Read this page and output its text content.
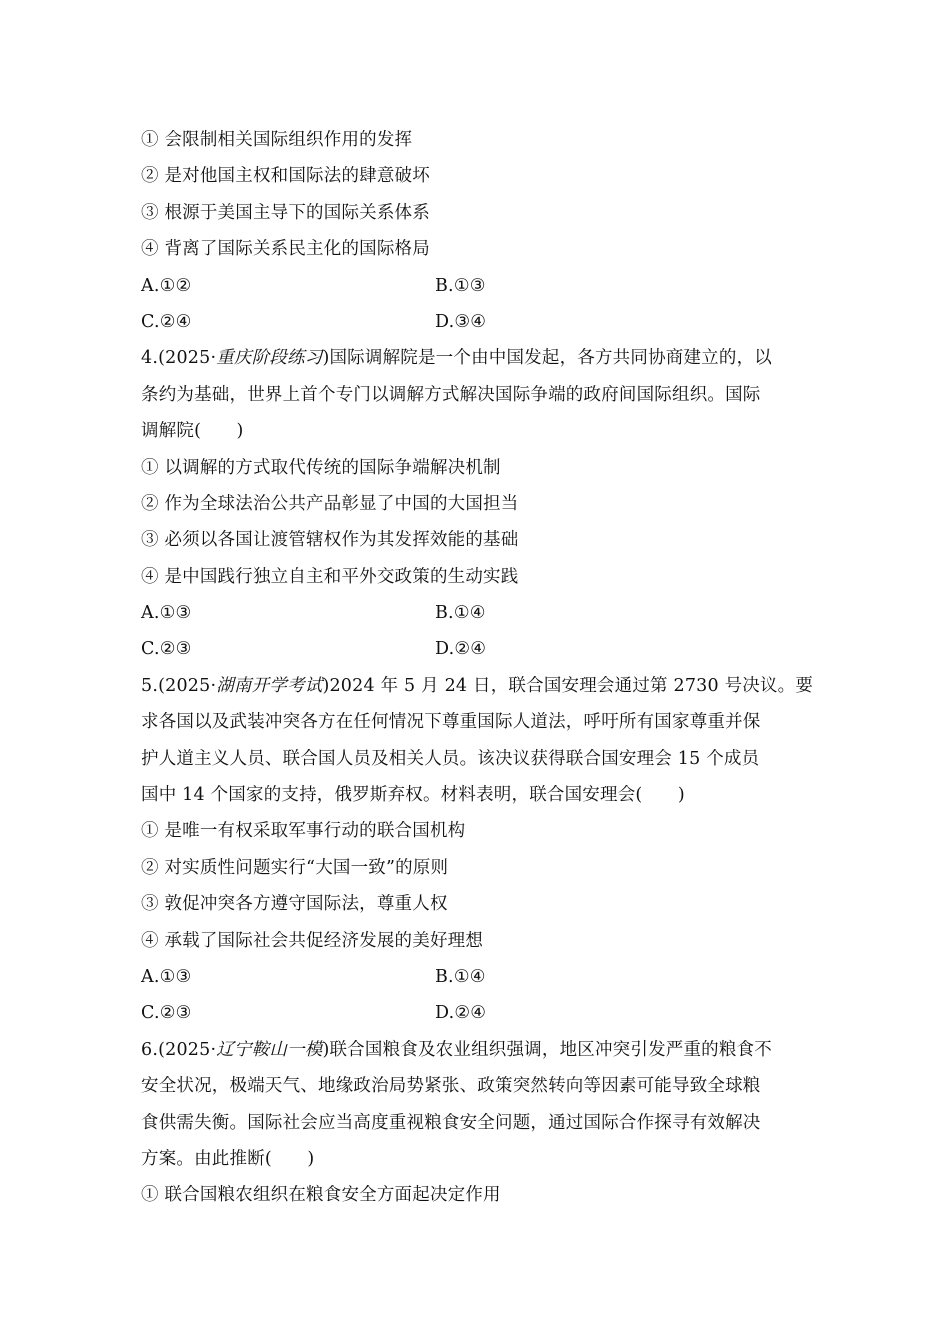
① 会限制相关国际组织作用的发挥
② 是对他国主权和国际法的肆意破坏
③ 根源于美国主导下的国际关系体系
④ 背离了国际关系民主化的国际格局
A.①②	B.①③
C.②④	D.③④
4.(2025·重庆阶段练习)国际调解院是一个由中国发起，各方共同协商建立的，以
条约为基础，世界上首个专门以调解方式解决国际争端的政府间国际组织。国际
调解院(　　)
① 以调解的方式取代传统的国际争端解决机制
② 作为全球法治公共产品彰显了中国的大国担当
③ 必须以各国让渡管辖权作为其发挥效能的基础
④ 是中国践行独立自主和平外交政策的生动实践
A.①③	B.①④
C.②③	D.②④
5.(2025·湖南开学考试)2024 年 5 月 24 日，联合国安理会通过第 2730 号决议。要
求各国以及武装冲突各方在任何情况下尊重国际人道法，呼吁所有国家尊重并保
护人道主义人员、联合国人员及相关人员。该决议获得联合国安理会 15 个成员
国中 14 个国家的支持，俄罗斯弃权。材料表明，联合国安理会(　　)
① 是唯一有权采取军事行动的联合国机构
② 对实质性问题实行“大国一致”的原则
③ 敦促冲突各方遵守国际法，尊重人权
④ 承载了国际社会共促经济发展的美好理想
A.①③	B.①④
C.②③	D.②④
6.(2025·辽宁鞍山一模)联合国粮食及农业组织强调，地区冲突引发严重的粮食不
安全状况，极端天气、地缘政治局势紧张、政策突然转向等因素可能导致全球粮
食供需失衡。国际社会应当高度重视粮食安全问题，通过国际合作探寻有效解决
方案。由此推断(　　)
① 联合国粮农组织在粮食安全方面起决定作用
